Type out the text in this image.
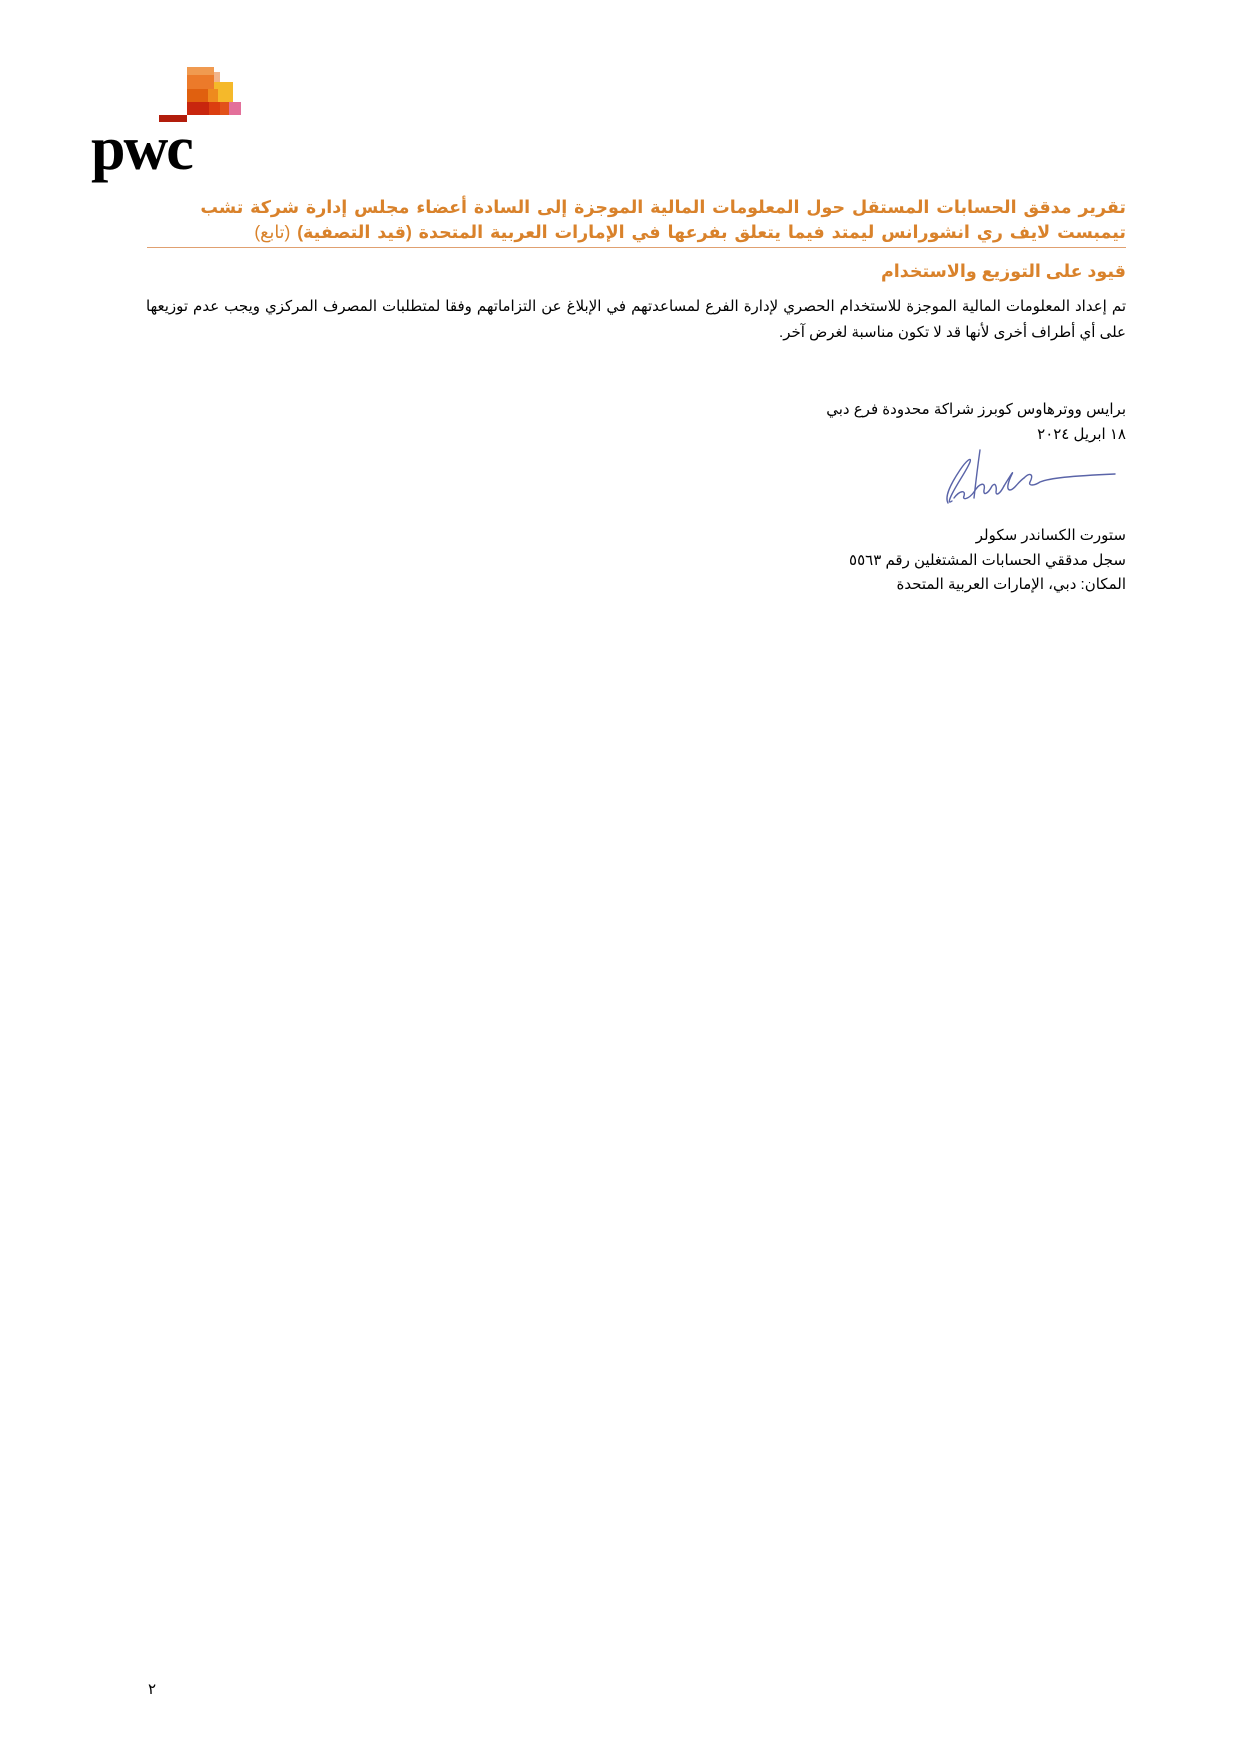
pwc
تقرير مدقق الحسابات المستقل حول المعلومات المالية الموجزة إلى السادة أعضاء مجلس إدارة شركة تشب تيمبست لايف ري انشورانس ليمتد فيما يتعلق بفرعها في الإمارات العربية المتحدة (قيد التصفية) (تابع)
قيود على التوزيع والاستخدام
تم إعداد المعلومات المالية الموجزة للاستخدام الحصري لإدارة الفرع لمساعدتهم في الإبلاغ عن التزاماتهم وفقا لمتطلبات المصرف المركزي ويجب عدم توزيعها على أي أطراف أخرى لأنها قد لا تكون مناسبة لغرض آخر.
برايس ووترهاوس كوبرز شراكة محدودة فرع دبي
١٨ ابريل ٢٠٢٤
ستورت الكساندر سكولر
سجل مدققي الحسابات المشتغلين رقم ٥٥٦٣
المكان: دبي، الإمارات العربية المتحدة
٢
